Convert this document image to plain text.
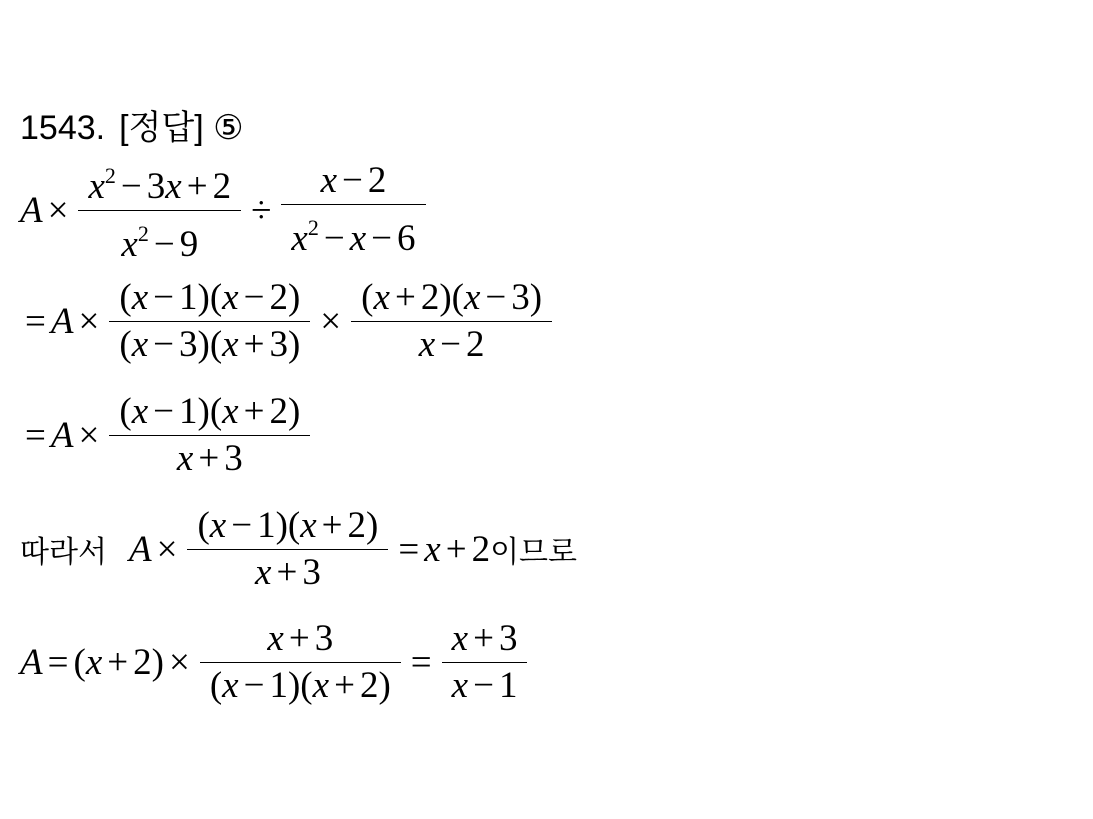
1543. [정답] ⑤
$A \times \frac{x^2 - 3x + 2}{x^2 - 9} \div \frac{x - 2}{x^2 - x - 6}$
= $A \times \frac{(x - 1)(x - 2)}{(x - 3)(x + 3)} \times \frac{(x + 2)(x - 3)}{x - 2}$
= $A \times \frac{(x - 1)(x + 2)}{x + 3}$
따라서 $A \times \frac{(x - 1)(x + 2)}{x + 3} = x + 2$ 이므로
A = ( x + 2 ) × $\frac{x + 3}{(x - 1)(x + 2)} = \frac{x + 3}{x - 1}$
